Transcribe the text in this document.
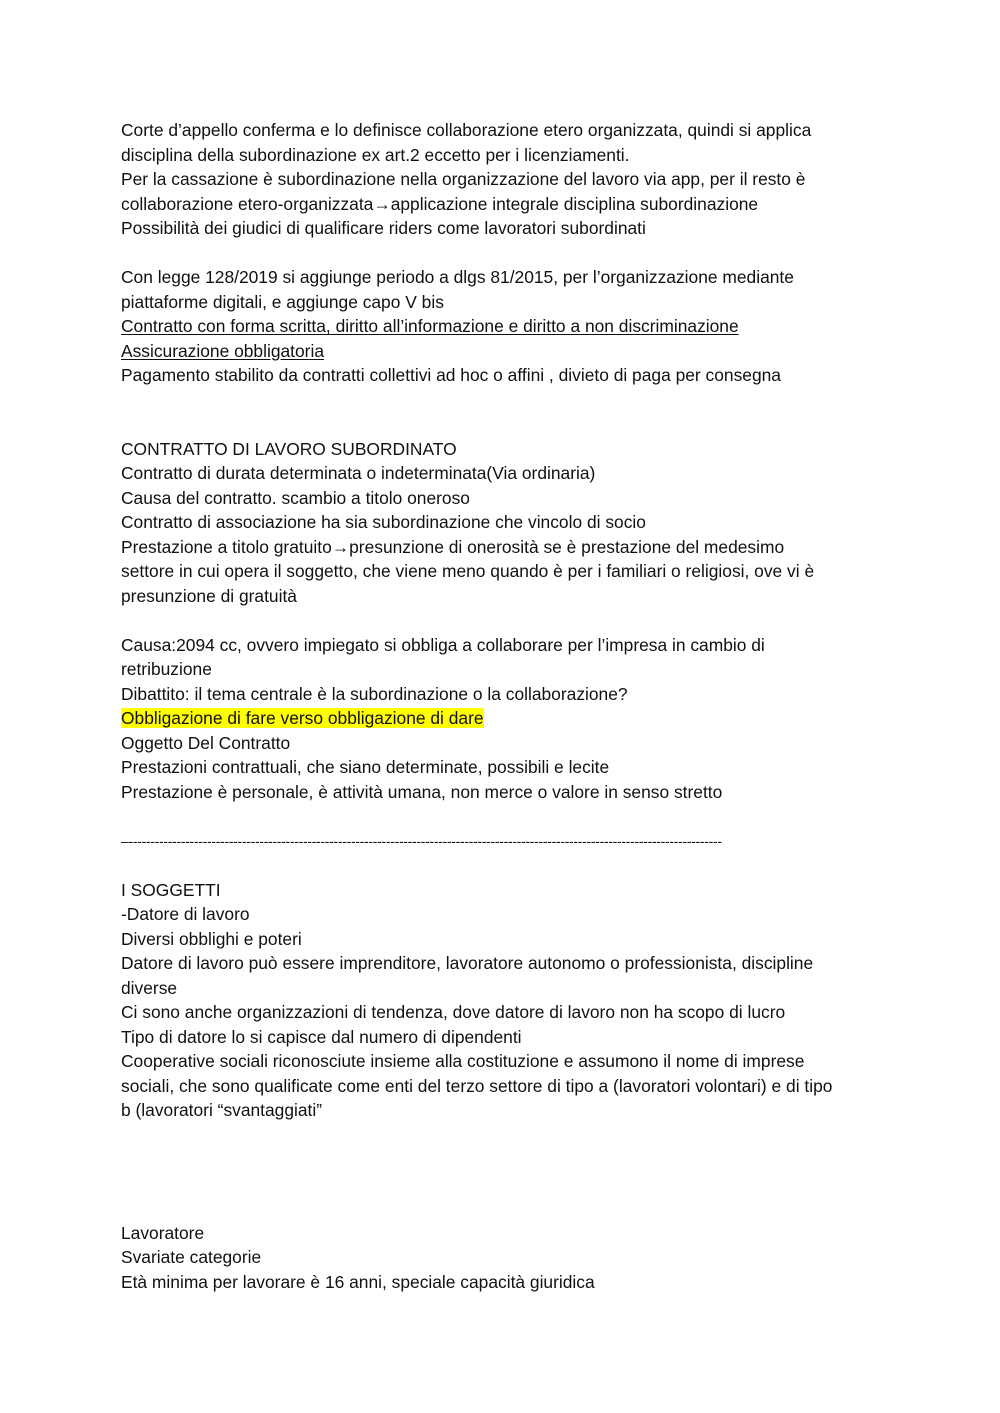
Corte d’appello conferma e lo definisce collaborazione etero organizzata, quindi si applica
disciplina della subordinazione ex art.2 eccetto per i licenziamenti.
Per la cassazione è subordinazione nella organizzazione del lavoro via app, per il resto è
collaborazione etero-organizzata→applicazione integrale disciplina subordinazione
Possibilità dei giudici di qualificare riders come lavoratori subordinati
Con legge 128/2019 si aggiunge periodo a dlgs 81/2015, per l’organizzazione mediante
piattaforme digitali, e aggiunge capo V bis
Contratto con forma scritta, diritto all’informazione e diritto a non discriminazione
Assicurazione obbligatoria
Pagamento stabilito da contratti collettivi ad hoc o affini , divieto di paga per consegna
CONTRATTO DI LAVORO SUBORDINATO
Contratto di durata determinata o indeterminata(Via ordinaria)
Causa del contratto. scambio a titolo oneroso
Contratto di associazione ha sia subordinazione che vincolo di socio
Prestazione a titolo gratuito→presunzione di onerosità se è prestazione del medesimo
settore in cui opera il soggetto, che viene meno quando è per i familiari o religiosi, ove vi è
presunzione di gratuità
Causa:2094 cc, ovvero impiegato si obbliga a collaborare per l’impresa in cambio di
retribuzione
Dibattito: il tema centrale è la subordinazione o la collaborazione?
Obbligazione di fare verso obbligazione di dare
Oggetto Del Contratto
Prestazioni contrattuali, che siano determinate, possibili e lecite
Prestazione è personale, è attività umana, non merce o valore in senso stretto
–----------------------------------------------------------------------------------------------------------------------------------------
I SOGGETTI
-Datore di lavoro
Diversi obblighi e poteri
Datore di lavoro può essere imprenditore, lavoratore autonomo o professionista, discipline
diverse
Ci sono anche organizzazioni di tendenza, dove datore di lavoro non ha scopo di lucro
Tipo di datore lo si capisce dal numero di dipendenti
Cooperative sociali riconosciute insieme alla costituzione e assumono il nome di imprese
sociali, che sono qualificate come enti del terzo settore di tipo a (lavoratori volontari) e di tipo
b (lavoratori “svantaggiati”
Lavoratore
Svariate categorie
Età minima per lavorare è 16 anni, speciale capacità giuridica
